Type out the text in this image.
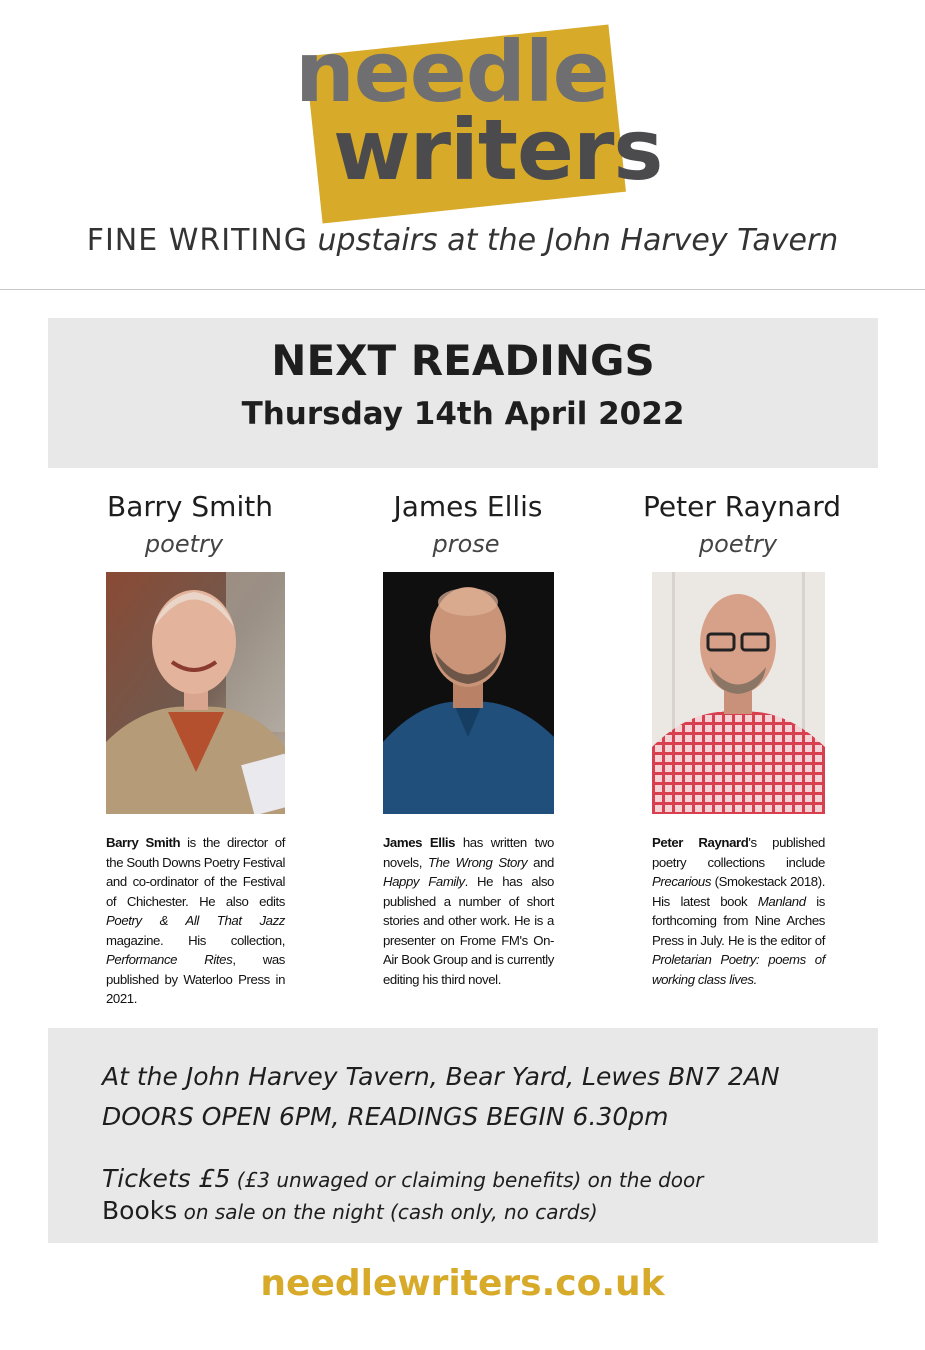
needle
writers
FINE WRITING upstairs at the John Harvey Tavern
NEXT READINGS
Thursday 14th April 2022
Barry Smith
poetry
Barry Smith is the director of the South Downs Poetry Festival and co-ordinator of the Festival of Chichester. He also edits Poetry & All That Jazz magazine. His collection, Performance Rites, was published by Waterloo Press in 2021.
James Ellis
prose
James Ellis has written two novels, The Wrong Story and Happy Family. He has also published a number of short stories and other work. He is a presenter on Frome FM's On-Air Book Group and is currently editing his third novel.
Peter Raynard
poetry
Peter Raynard's published poetry collections include Precarious (Smokestack 2018). His latest book Manland is forthcoming from Nine Arches Press in July. He is the editor of Proletarian Poetry: poems of working class lives.
At the John Harvey Tavern, Bear Yard, Lewes BN7 2AN
DOORS OPEN 6PM, READINGS BEGIN 6.30pm
Tickets £5 (£3 unwaged or claiming benefits) on the door
Books on sale on the night (cash only, no cards)
needlewriters.co.uk
